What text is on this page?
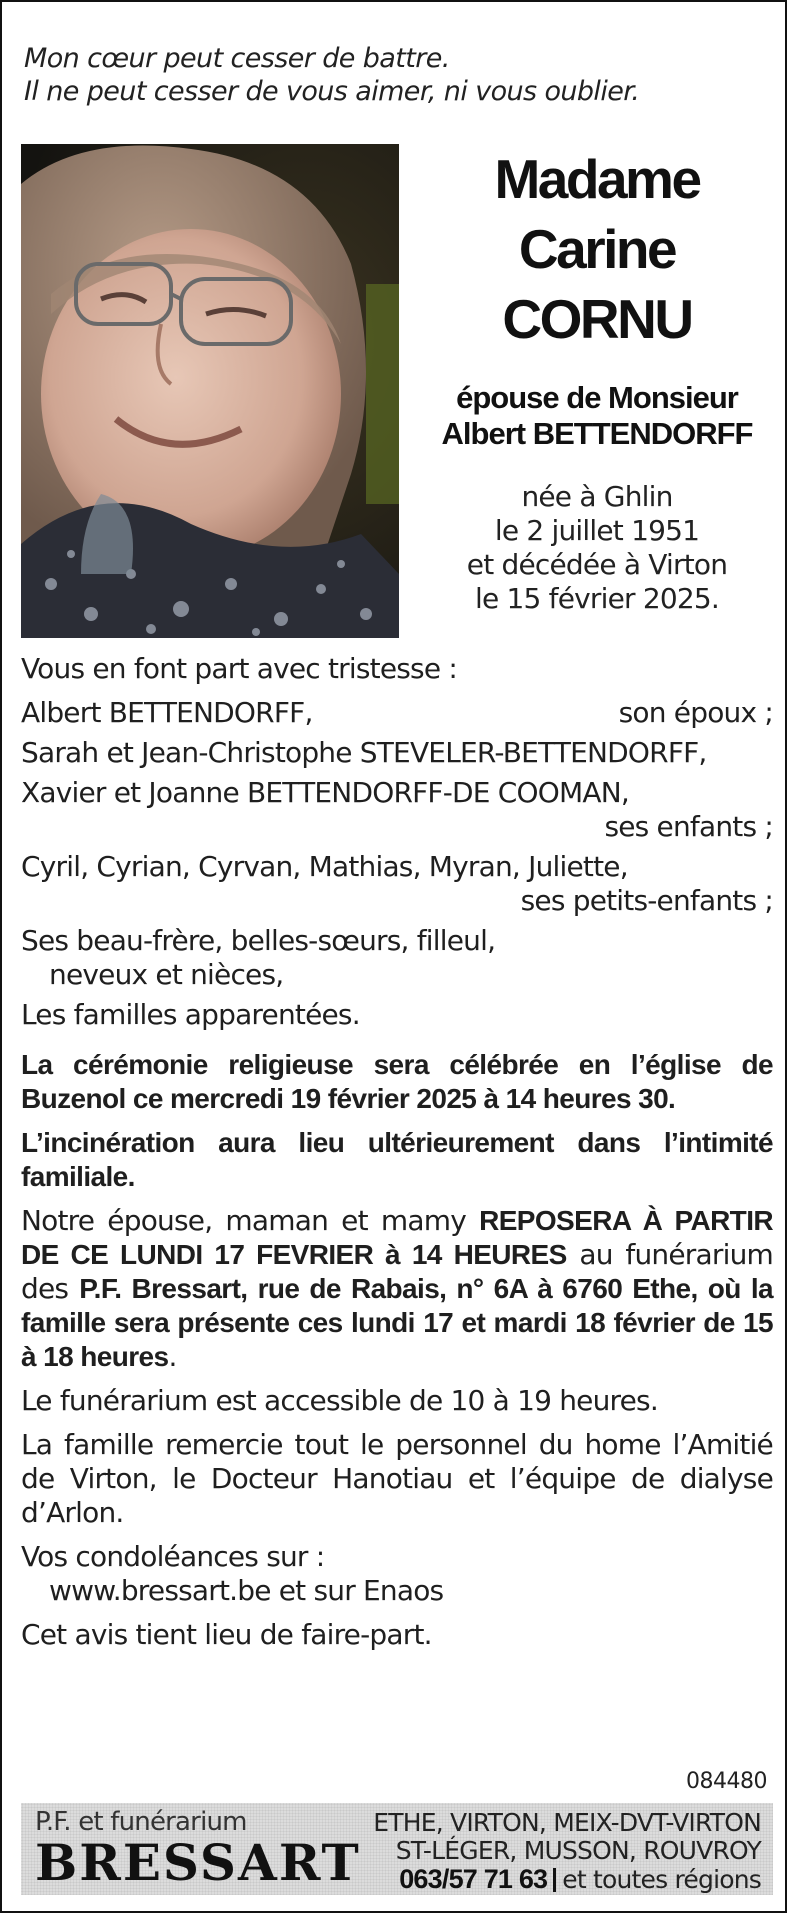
Mon cœur peut cesser de battre.
Il ne peut cesser de vous aimer, ni vous oublier.
Madame
Carine
CORNU
épouse de Monsieur
Albert BETTENDORFF
née à Ghlin
le 2 juillet 1951
et décédée à Virton
le 15 février 2025.
Vous en font part avec tristesse :
Albert BETTENDORFF,	son époux ;
Sarah et Jean-Christophe STEVELER-BETTENDORFF,
Xavier et Joanne BETTENDORFF-DE COOMAN,
ses enfants ;
Cyril, Cyrian, Cyrvan, Mathias, Myran, Juliette,
ses petits-enfants ;
Ses beau-frère, belles-sœurs, filleul,
neveux et nièces,
Les familles apparentées.
La cérémonie religieuse sera célébrée en l’église de Buzenol ce mercredi 19 février 2025 à 14 heures 30.
L’incinération aura lieu ultérieurement dans l’intimité familiale.
Notre épouse, maman et mamy REPOSERA À PARTIR DE CE LUNDI 17 FEVRIER à 14 HEURES au funérarium des P.F. Bressart, rue de Rabais, n° 6A à 6760 Ethe, où la famille sera présente ces lundi 17 et mardi 18 février de 15 à 18 heures.
Le funérarium est accessible de 10 à 19 heures.
La famille remercie tout le personnel du home l’Amitié de Virton, le Docteur Hanotiau et l’équipe de dialyse d’Arlon.
Vos condoléances sur :
www.bressart.be et sur Enaos
Cet avis tient lieu de faire-part.
084480
P.F. et funérarium
BRESSART
ETHE, VIRTON, MEIX-DVT-VIRTON
ST-LÉGER, MUSSON, ROUVROY
063/57 71 63 et toutes régions
